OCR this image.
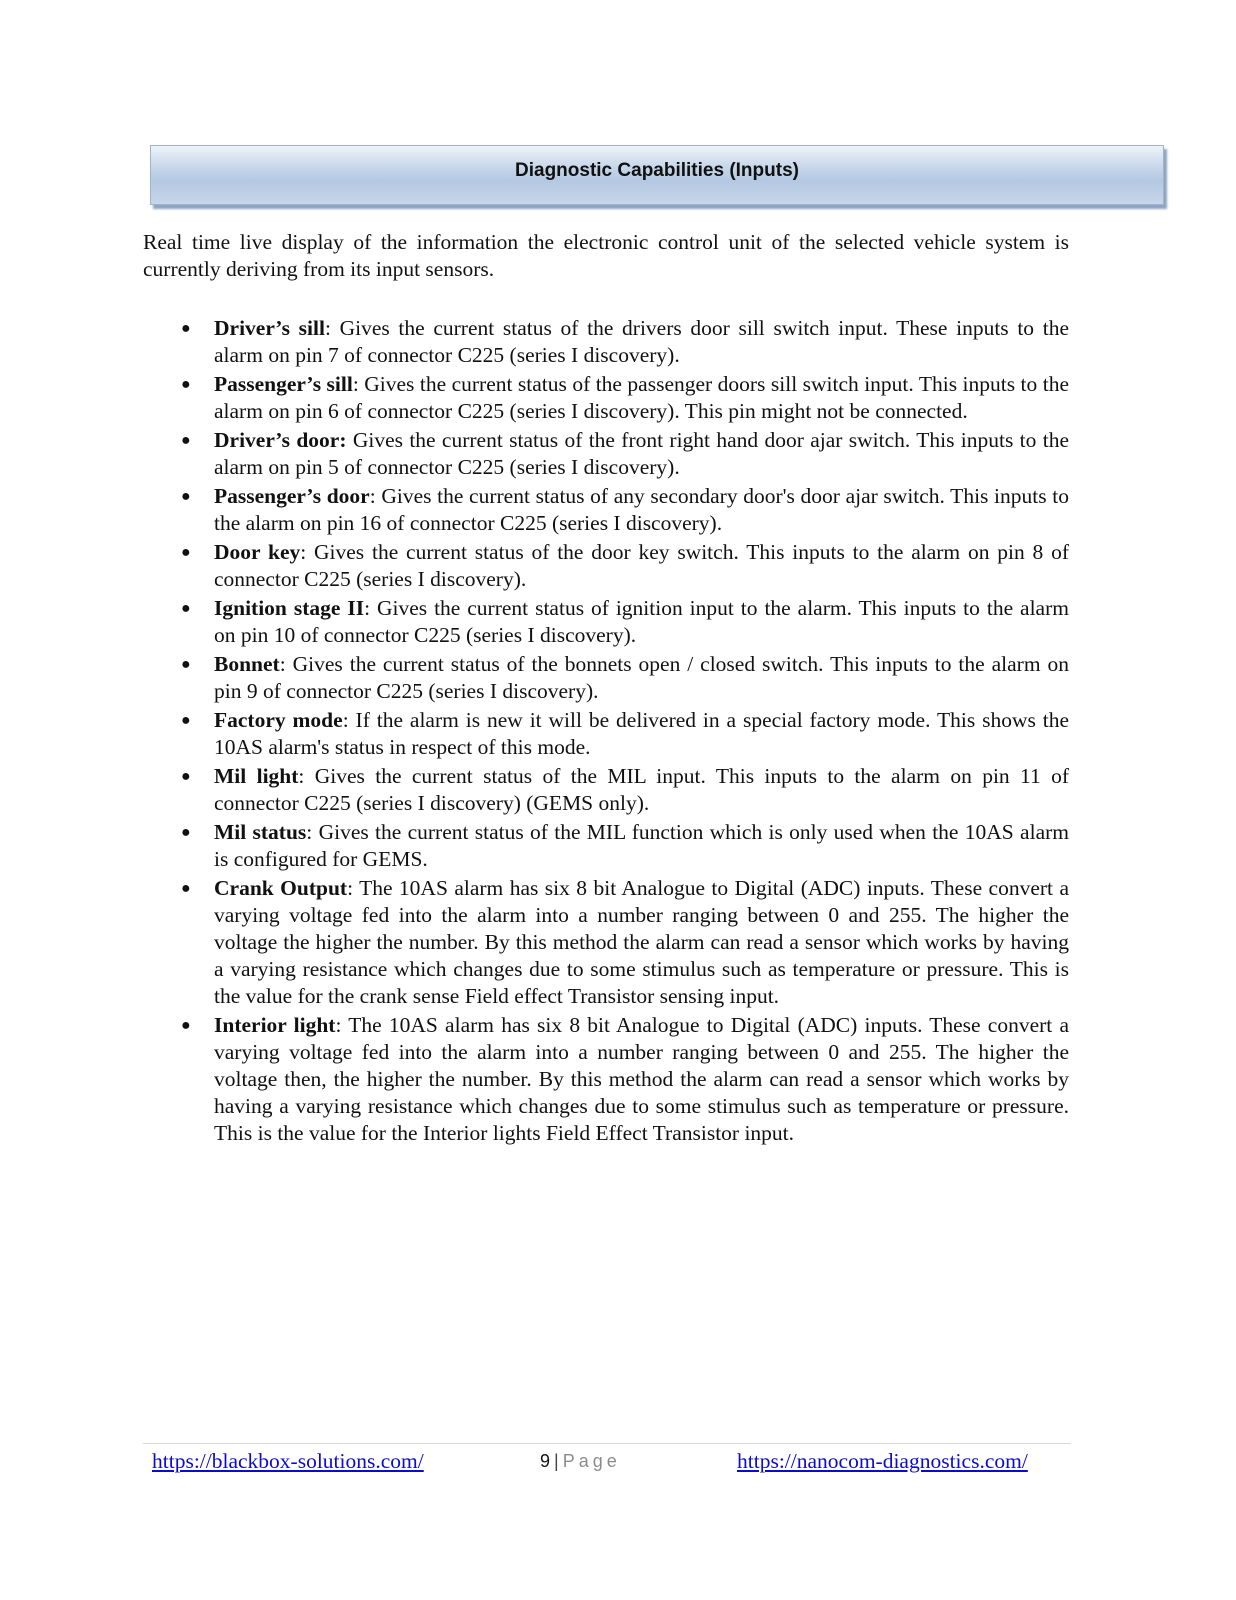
Diagnostic Capabilities (Inputs)

Real time live display of the information the electronic control unit of the selected vehicle system is currently deriving from its input sensors.

● Driver’s sill: Gives the current status of the drivers door sill switch input. These inputs to the alarm on pin 7 of connector C225 (series I discovery).
● Passenger’s sill: Gives the current status of the passenger doors sill switch input. This inputs to the alarm on pin 6 of connector C225 (series I discovery). This pin might not be connected.
● Driver’s door: Gives the current status of the front right hand door ajar switch. This inputs to the alarm on pin 5 of connector C225 (series I discovery).
● Passenger’s door: Gives the current status of any secondary door's door ajar switch. This inputs to the alarm on pin 16 of connector C225 (series I discovery).
● Door key: Gives the current status of the door key switch. This inputs to the alarm on pin 8 of connector C225 (series I discovery).
● Ignition stage II: Gives the current status of ignition input to the alarm. This inputs to the alarm on pin 10 of connector C225 (series I discovery).
● Bonnet: Gives the current status of the bonnets open / closed switch. This inputs to the alarm on pin 9 of connector C225 (series I discovery).
● Factory mode: If the alarm is new it will be delivered in a special factory mode. This shows the 10AS alarm's status in respect of this mode.
● Mil light: Gives the current status of the MIL input. This inputs to the alarm on pin 11 of connector C225 (series I discovery) (GEMS only).
● Mil status: Gives the current status of the MIL function which is only used when the 10AS alarm is configured for GEMS.
● Crank Output: The 10AS alarm has six 8 bit Analogue to Digital (ADC) inputs. These convert a varying voltage fed into the alarm into a number ranging between 0 and 255. The higher the voltage the higher the number. By this method the alarm can read a sensor which works by having a varying resistance which changes due to some stimulus such as temperature or pressure. This is the value for the crank sense Field effect Transistor sensing input.
● Interior light: The 10AS alarm has six 8 bit Analogue to Digital (ADC) inputs. These convert a varying voltage fed into the alarm into a number ranging between 0 and 255. The higher the voltage then, the higher the number. By this method the alarm can read a sensor which works by having a varying resistance which changes due to some stimulus such as temperature or pressure. This is the value for the Interior lights Field Effect Transistor input.
https://blackbox-solutions.com/	9 | Page	https://nanocom-diagnostics.com/
